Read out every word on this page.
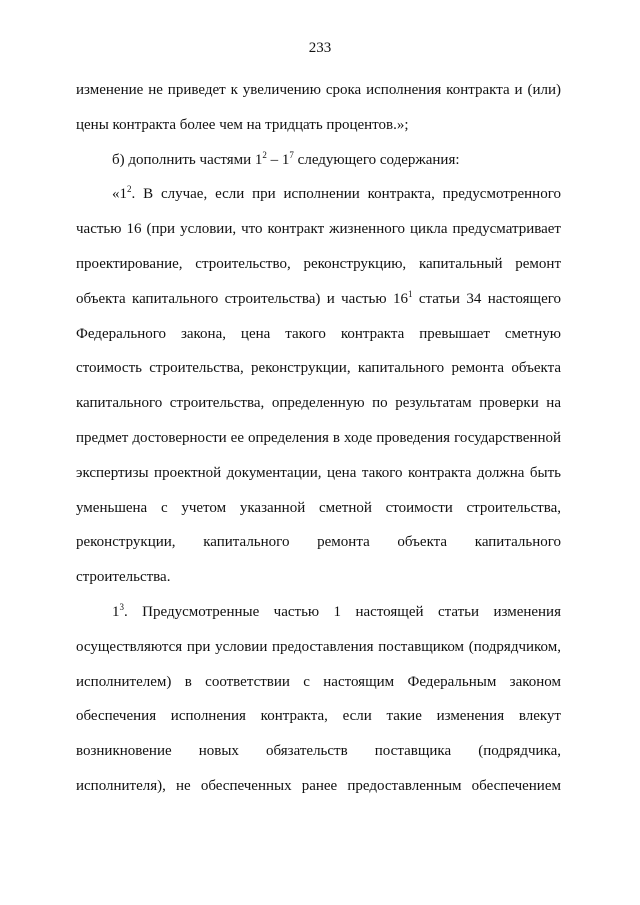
233
изменение не приведет к увеличению срока исполнения контракта и (или)
цены контракта более чем на тридцать процентов.»;
б) дополнить частями $1^2 - 1^7$ следующего содержания:
«$1^2$. В случае, если при исполнении контракта, предусмотренного
частью 16 (при условии, что контракт жизненного цикла предусматривает
проектирование, строительство, реконструкцию, капитальный ремонт
объекта капитального строительства) и частью $16^1$ статьи 34 настоящего
Федерального закона, цена такого контракта превышает сметную
стоимость строительства, реконструкции, капитального ремонта объекта
капитального строительства, определенную по результатам проверки на
предмет достоверности ее определения в ходе проведения государственной
экспертизы проектной документации, цена такого контракта должна быть
уменьшена с учетом указанной сметной стоимости строительства,
реконструкции, капитального ремонта объекта капитального
строительства.
$1^3$. Предусмотренные частью 1 настоящей статьи изменения
осуществляются при условии предоставления поставщиком (подрядчиком,
исполнителем) в соответствии с настоящим Федеральным законом
обеспечения исполнения контракта, если такие изменения влекут
возникновение новых обязательств поставщика (подрядчика,
исполнителя), не обеспеченных ранее предоставленным обеспечением
